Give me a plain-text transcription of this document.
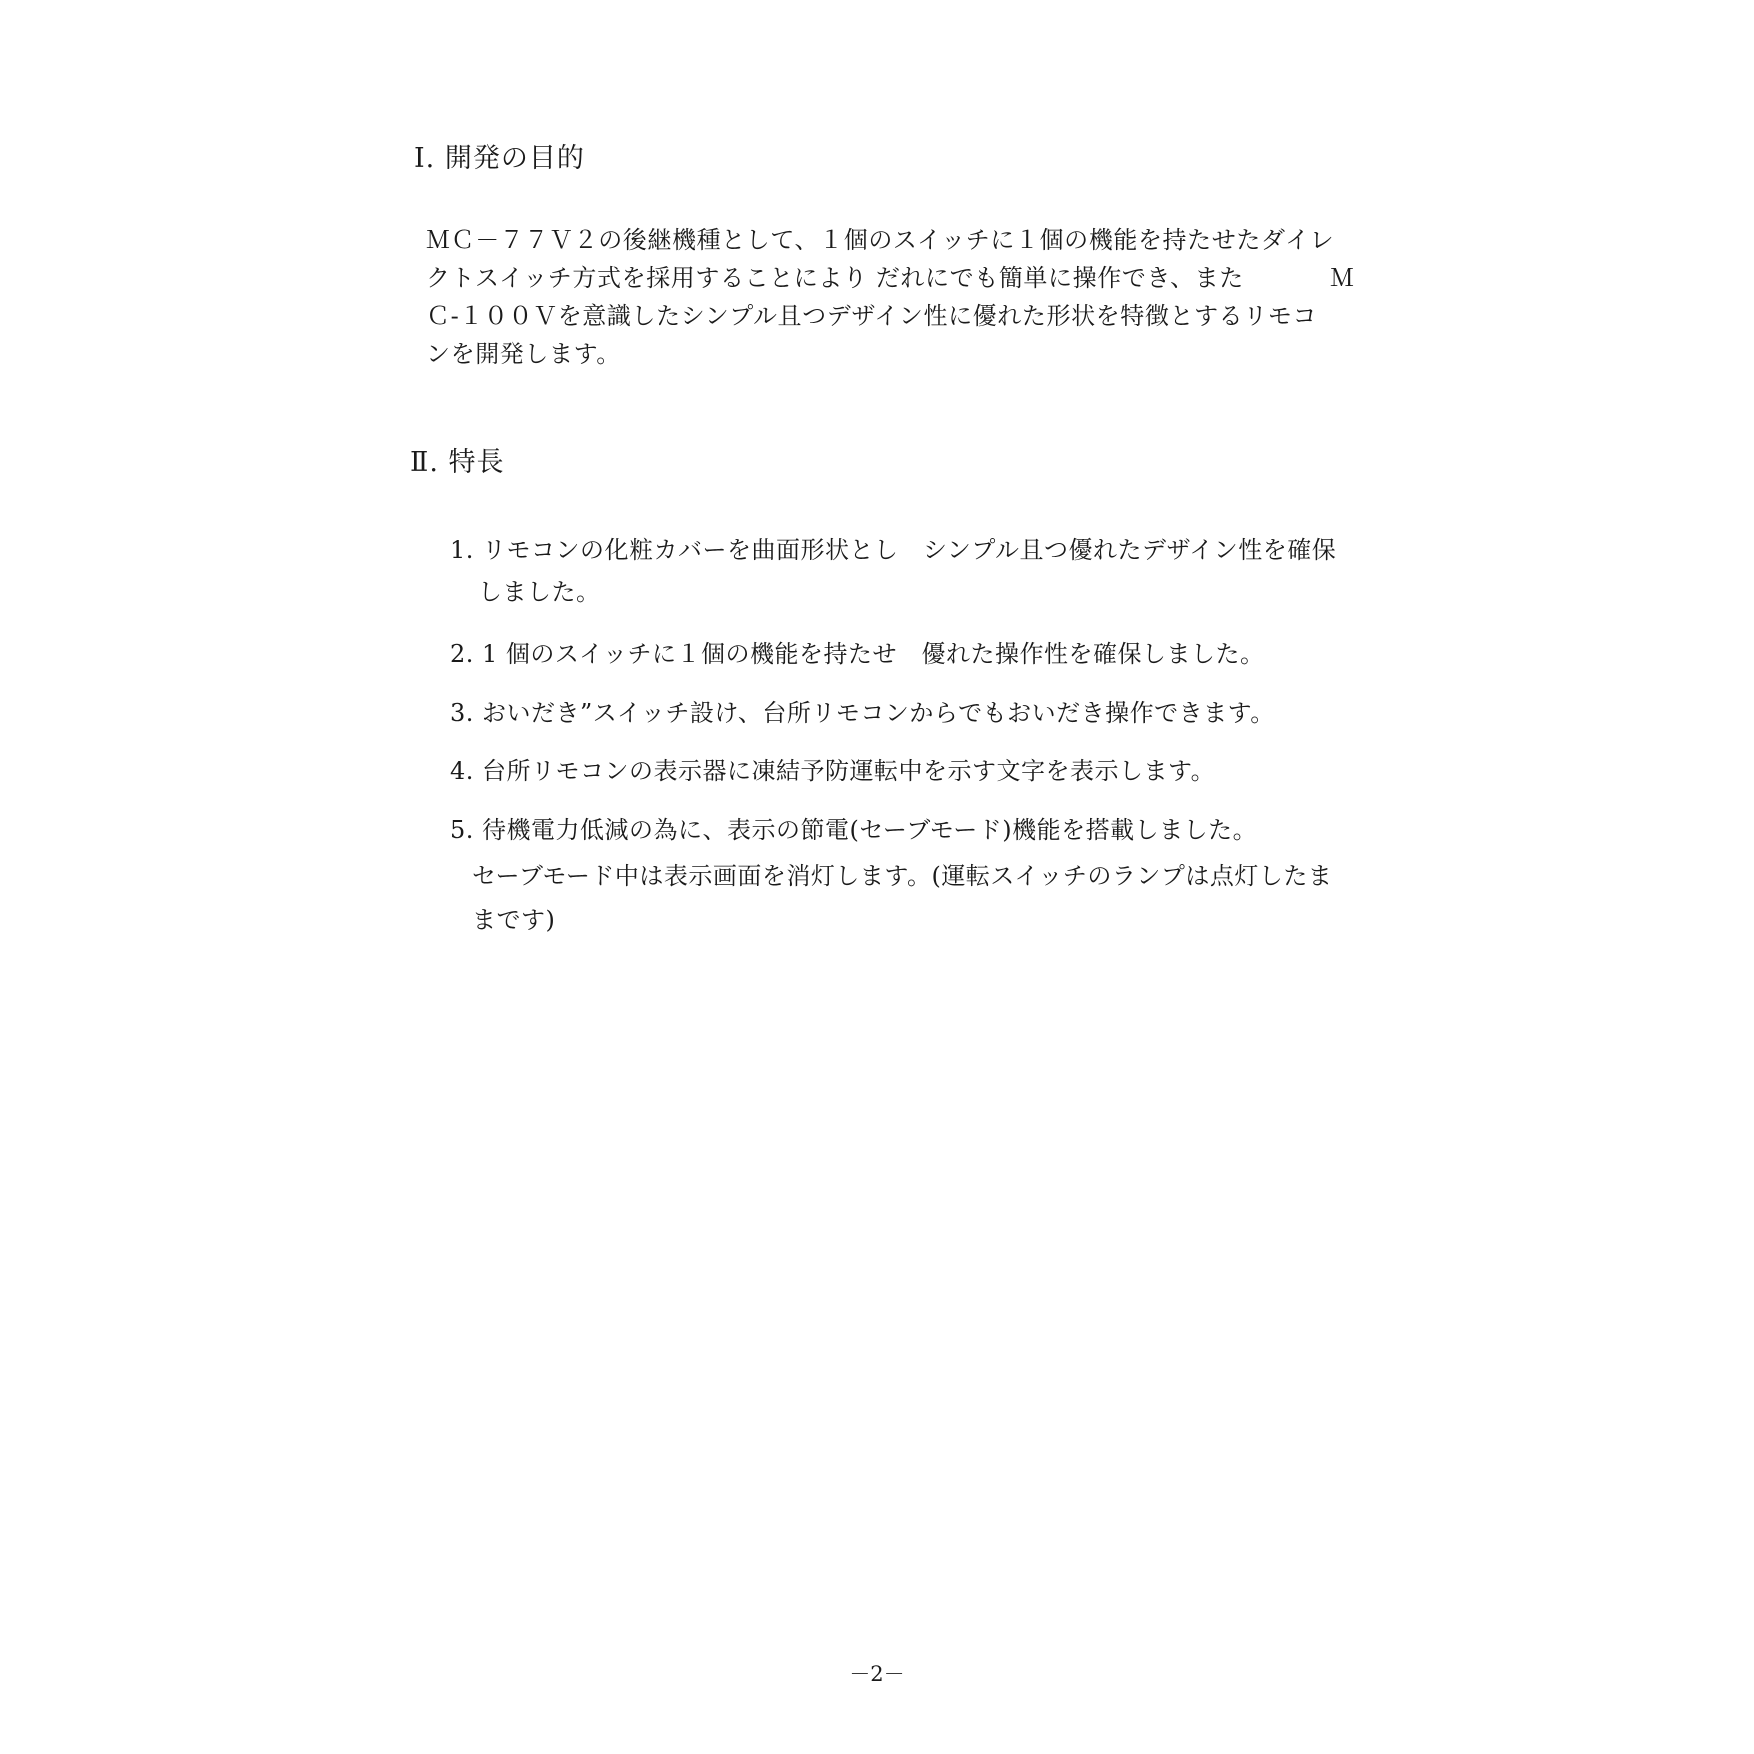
Ⅰ. 開発の目的
ＭＣ－７７Ｖ２の後継機種として、１個のスイッチに１個の機能を持たせたダイレ
クトスイッチ方式を採用することにより だれにでも簡単に操作でき、また	Ｍ
Ｃ-１００Ｖを意識したシンプル且つデザイン性に優れた形状を特徴とするリモコ
ンを開発します。
Ⅱ. 特長
1. リモコンの化粧カバーを曲面形状とし　シンプル且つ優れたデザイン性を確保
しました。
2. 1 個のスイッチに１個の機能を持たせ　優れた操作性を確保しました。
3. おいだき”スイッチ設け、台所リモコンからでもおいだき操作できます。
4. 台所リモコンの表示器に凍結予防運転中を示す文字を表示します。
5. 待機電力低減の為に、表示の節電(セーブモード)機能を搭載しました。
セーブモード中は表示画面を消灯します。(運転スイッチのランプは点灯したま
まです)
－2－
